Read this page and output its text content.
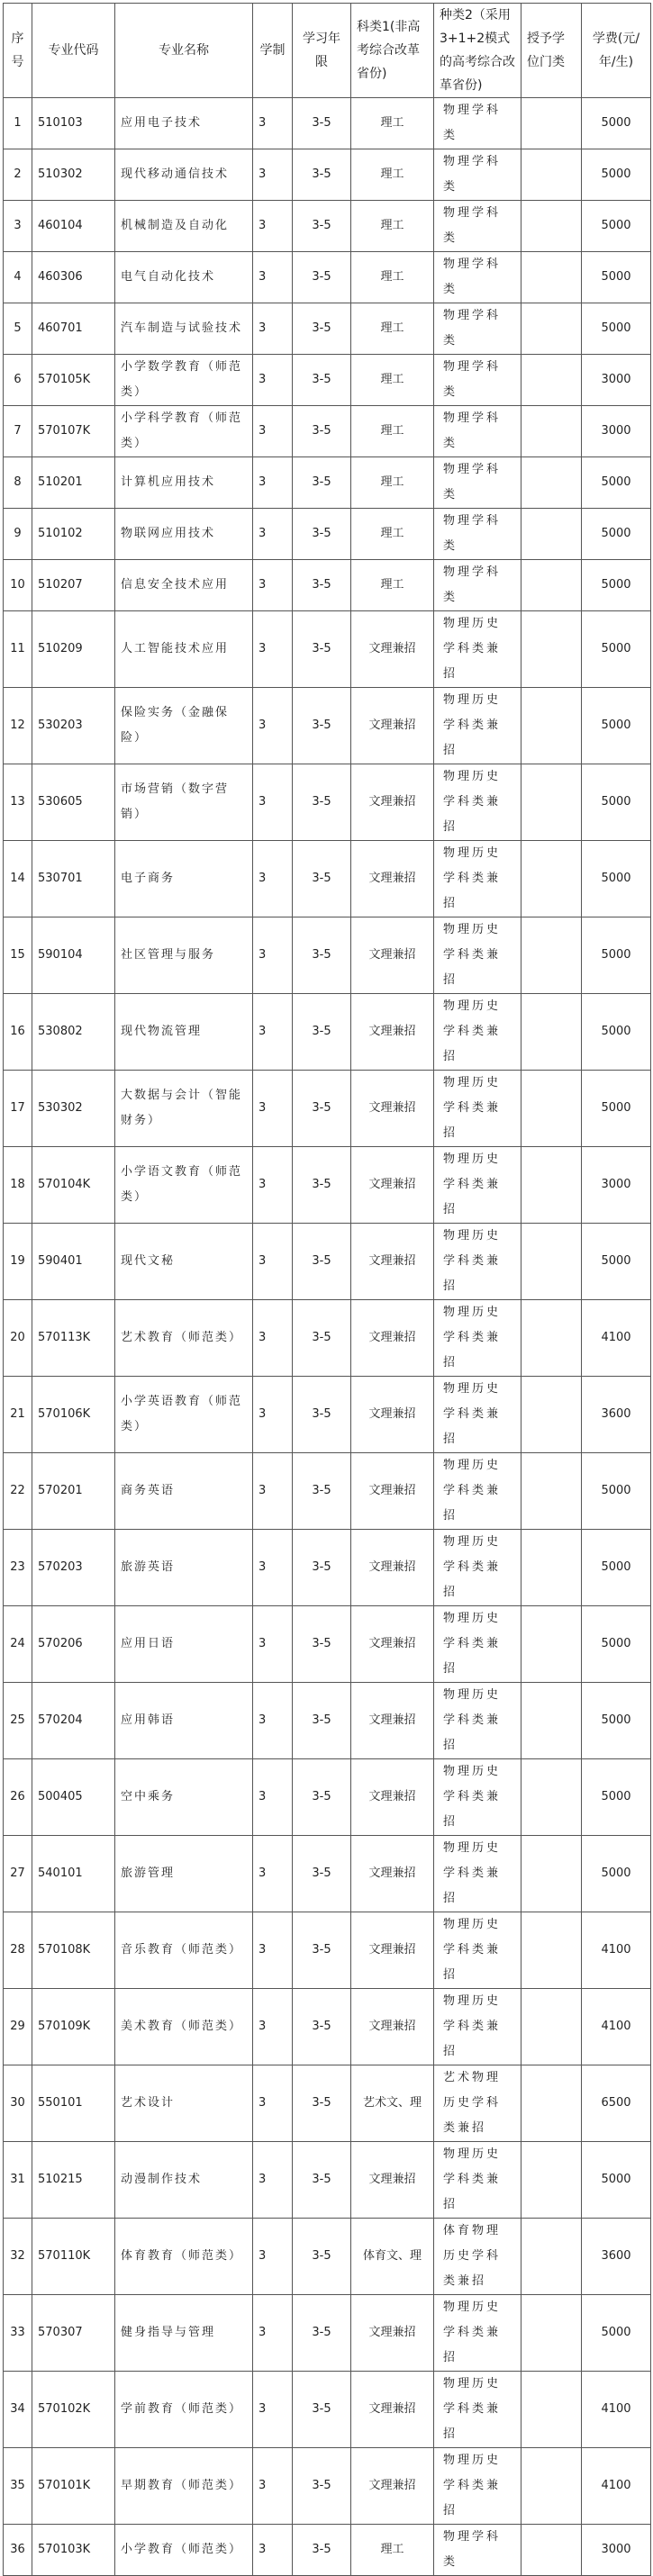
序号	专业代码	专业名称	学制	学习年限	科类1(非高考综合改革省份)	种类2（采用3+1+2模式的高考综合改革省份)	授予学位门类	学费(元/年/生)
1	510103	应用电子技术	3	3-5	理工	物理学科类		5000
2	510302	现代移动通信技术	3	3-5	理工	物理学科类		5000
3	460104	机械制造及自动化	3	3-5	理工	物理学科类		5000
4	460306	电气自动化技术	3	3-5	理工	物理学科类		5000
5	460701	汽车制造与试验技术	3	3-5	理工	物理学科类		5000
6	570105K	小学数学教育（师范类）	3	3-5	理工	物理学科类		3000
7	570107K	小学科学教育（师范类）	3	3-5	理工	物理学科类		3000
8	510201	计算机应用技术	3	3-5	理工	物理学科类		5000
9	510102	物联网应用技术	3	3-5	理工	物理学科类		5000
10	510207	信息安全技术应用	3	3-5	理工	物理学科类		5000
11	510209	人工智能技术应用	3	3-5	文理兼招	物理历史学科类兼招		5000
12	530203	保险实务（金融保险）	3	3-5	文理兼招	物理历史学科类兼招		5000
13	530605	市场营销（数字营销）	3	3-5	文理兼招	物理历史学科类兼招		5000
14	530701	电子商务	3	3-5	文理兼招	物理历史学科类兼招		5000
15	590104	社区管理与服务	3	3-5	文理兼招	物理历史学科类兼招		5000
16	530802	现代物流管理	3	3-5	文理兼招	物理历史学科类兼招		5000
17	530302	大数据与会计（智能财务）	3	3-5	文理兼招	物理历史学科类兼招		5000
18	570104K	小学语文教育（师范类）	3	3-5	文理兼招	物理历史学科类兼招		3000
19	590401	现代文秘	3	3-5	文理兼招	物理历史学科类兼招		5000
20	570113K	艺术教育（师范类）	3	3-5	文理兼招	物理历史学科类兼招		4100
21	570106K	小学英语教育（师范类）	3	3-5	文理兼招	物理历史学科类兼招		3600
22	570201	商务英语	3	3-5	文理兼招	物理历史学科类兼招		5000
23	570203	旅游英语	3	3-5	文理兼招	物理历史学科类兼招		5000
24	570206	应用日语	3	3-5	文理兼招	物理历史学科类兼招		5000
25	570204	应用韩语	3	3-5	文理兼招	物理历史学科类兼招		5000
26	500405	空中乘务	3	3-5	文理兼招	物理历史学科类兼招		5000
27	540101	旅游管理	3	3-5	文理兼招	物理历史学科类兼招		5000
28	570108K	音乐教育（师范类）	3	3-5	文理兼招	物理历史学科类兼招		4100
29	570109K	美术教育（师范类）	3	3-5	文理兼招	物理历史学科类兼招		4100
30	550101	艺术设计	3	3-5	艺术文、理	艺术物理历史学科类兼招		6500
31	510215	动漫制作技术	3	3-5	文理兼招	物理历史学科类兼招		5000
32	570110K	体育教育（师范类）	3	3-5	体育文、理	体育物理历史学科类兼招		3600
33	570307	健身指导与管理	3	3-5	文理兼招	物理历史学科类兼招		5000
34	570102K	学前教育（师范类）	3	3-5	文理兼招	物理历史学科类兼招		4100
35	570101K	早期教育（师范类）	3	3-5	文理兼招	物理历史学科类兼招		4100
36	570103K	小学教育（师范类）	3	3-5	理工	物理学科类		3000
